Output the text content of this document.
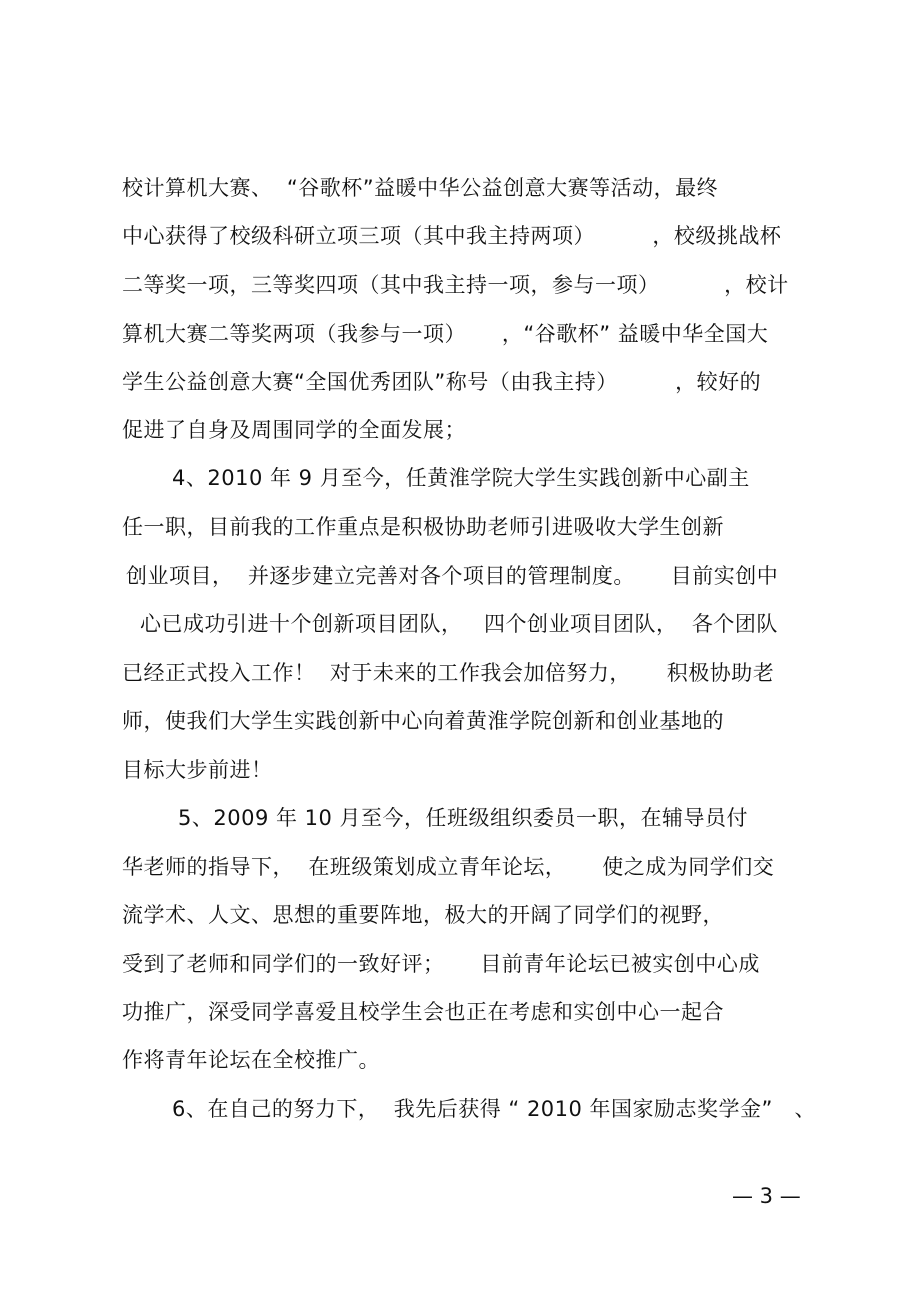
校计算机大赛、  “谷歌杯”益暖中华公益创意大赛等活动，最终
中心获得了校级科研立项三项（其中我主持两项）        ，校级挑战杯
二等奖一项，三等奖四项（其中我主持一项，参与一项）         ，校计
算机大赛二等奖两项（我参与一项）     ，“谷歌杯” 益暖中华全国大
学生公益创意大赛“全国优秀团队”称号（由我主持）        ，较好的
促进了自身及周围同学的全面发展；
4、2010 年 9 月至今，任黄淮学院大学生实践创新中心副主
任一职，目前我的工作重点是积极协助老师引进吸收大学生创新
创业项目，  并逐步建立完善对各个项目的管理制度。     目前实创中
心已成功引进十个创新项目团队，   四个创业项目团队，  各个团队
已经正式投入工作！  对于未来的工作我会加倍努力，     积极协助老
师，使我们大学生实践创新中心向着黄淮学院创新和创业基地的
目标大步前进！
5、2009 年 10 月至今，任班级组织委员一职，在辅导员付
华老师的指导下，  在班级策划成立青年论坛，     使之成为同学们交
流学术、人文、思想的重要阵地，极大的开阔了同学们的视野，
受到了老师和同学们的一致好评；     目前青年论坛已被实创中心成
功推广，深受同学喜爱且校学生会也正在考虑和实创中心一起合
作将青年论坛在全校推广。
6、在自己的努力下，  我先后获得 “ 2010 年国家励志奖学金”   、
— 3 —
